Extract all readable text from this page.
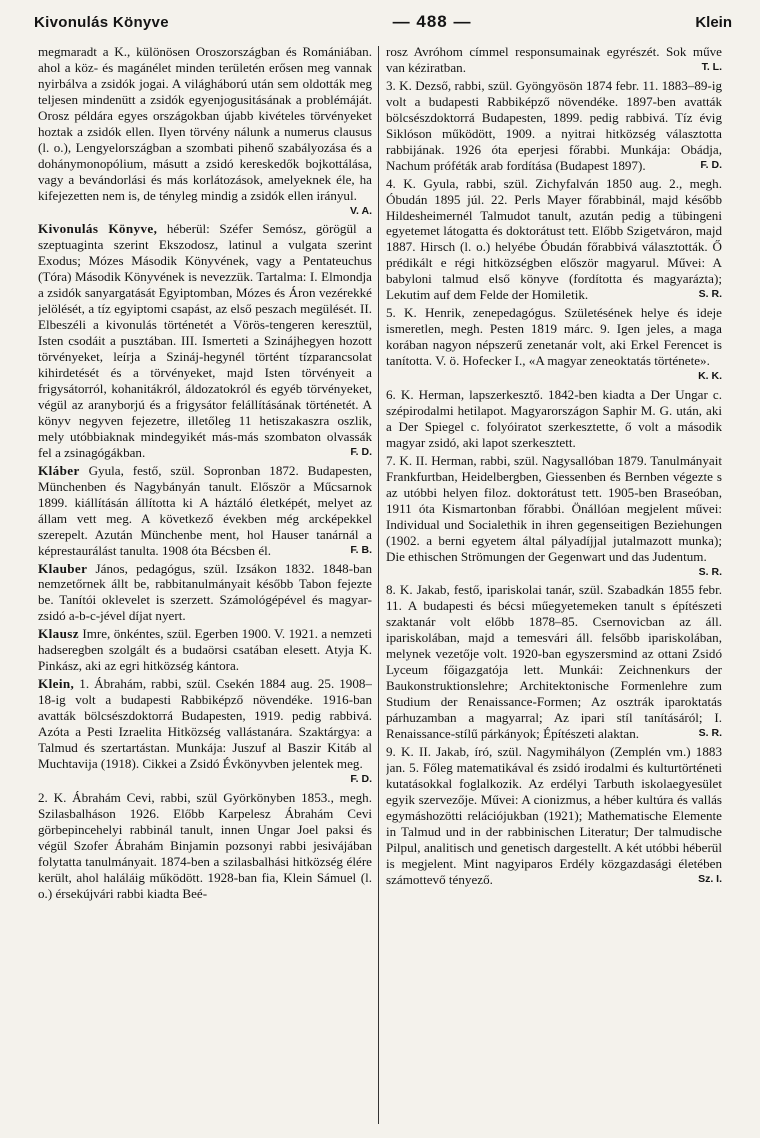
Kivonulás Könyve	— 488 —	Klein

megmaradt a K., különösen Oroszországban és Romániában. ahol a köz- és magánélet minden területén erősen meg vannak nyirbálva a zsidók jogai. A világháború után sem oldották meg teljesen mindenütt a zsidók egyenjogusitásának a problémáját. Orosz példára egyes országokban újabb kivételes törvényeket hoztak a zsidók ellen. Ilyen törvény nálunk a numerus clausus (l. o.), Lengyelországban a szombati pihenő szabályozása és a dohánymonopólium, másutt a zsidó kereskedők bojkottálása, vagy a bevándorlási és más korlátozások, amelyeknek éle, ha kifejezetten nem is, de tényleg mindig a zsidók ellen irányul.
V. A.

Kivonulás Könyve, héberül: Széfer Semósz, görögül a szeptuaginta szerint Ekszodosz, latinul a vulgata szerint Exodus; Mózes Második Könyvének, vagy a Pentateuchus (Tóra) Második Könyvének is nevezzük. Tartalma: I. Elmondja a zsidók sanyargatását Egyiptomban, Mózes és Áron vezérekké jelölését, a tíz egyiptomi csapást, az első peszach megülését. II. Elbeszéli a kivonulás történetét a Vörös-tengeren keresztül, Isten csodáit a pusztában. III. Ismerteti a Szinájhegyen hozott törvényeket, leírja a Szináj-hegynél történt tízparancsolat kihirdetését és a törvényeket, majd Isten törvényeit a frigysátorról, kohanitákról, áldozatokról és egyéb törvényeket, végül az aranyborjú és a frigysátor felállításának történetét. A könyv negyven fejezetre, illetőleg 11 hetiszakaszra oszlik, mely utóbbiaknak mindegyikét más-más szombaton olvassák fel a zsinagógákban.	F. D.

Kláber Gyula, festő, szül. Sopronban 1872. Budapesten, Münchenben és Nagybányán tanult. Először a Műcsarnok 1899. kiállításán állította ki A háztáló életképét, melyet az állam vett meg. A következő években még arcképekkel szerepelt. Azután Münchenbe ment, hol Hauser tanárnál a képrestaurálást tanulta. 1908 óta Bécsben él.	F. B.

Klauber János, pedagógus, szül. Izsákon 1832. 1848-ban nemzetőrnek állt be, rabbitanulmányait később Tabon fejezte be. Tanítói oklevelet is szerzett. Számológépével és magyar-zsidó a-b-c-jével díjat nyert.

Klausz Imre, önkéntes, szül. Egerben 1900. V. 1921. a nemzeti hadseregben szolgált és a budaörsi csatában elesett. Atyja K. Pinkász, aki az egri hitközség kántora.

Klein, 1. Ábrahám, rabbi, szül. Csekén 1884 aug. 25. 1908–18-ig volt a budapesti Rabbiképző növendéke. 1916-ban avatták bölcsészdoktorrá Budapesten, 1919. pedig rabbivá. Azóta a Pesti Izraelita Hitközség vallástanára. Szaktárgya: a Talmud és szertartástan. Munkája: Juszuf al Baszir Kitáb al Muchtavija (1918). Cikkei a Zsidó Évkönyvben jelentek meg.
F. D.

2. K. Ábrahám Cevi, rabbi, szül Györkönyben 1853., megh. Szilasbalháson 1926. Előbb Karpelesz Ábrahám Cevi görbepincehelyi rabbinál tanult, innen Ungar Joel paksi és végül Szofer Ábrahám Binjamin pozsonyi rabbi jesivájában folytatta tanulmányait. 1874-ben a szilasbalhási hitközség élére került, ahol haláláig működött. 1928-ban fia, Klein Sámuel (l. o.) érsekújvári rabbi kiadta Beé-

rosz Avróhom címmel responsumainak egyrészét. Sok műve van kéziratban.	T. L.

3. K. Dezső, rabbi, szül. Gyöngyösön 1874 febr. 11. 1883–89-ig volt a budapesti Rabbiképző növendéke. 1897-ben avatták bölcsészdoktorrá Budapesten, 1899. pedig rabbivá. Tíz évig Siklóson működött, 1909. a nyitrai hitközség választotta rabbijának. 1926 óta eperjesi főrabbi. Munkája: Obádja, Nachum próféták arab fordítása (Budapest 1897).	F. D.

4. K. Gyula, rabbi, szül. Zichyfalván 1850 aug. 2., megh. Óbudán 1895 júl. 22. Perls Mayer főrabbinál, majd később Hildesheimernél Talmudot tanult, azután pedig a tübingeni egyetemet látogatta és doktorátust tett. Előbb Szigetváron, majd 1887. Hirsch (l. o.) helyébe Óbudán főrabbivá választották. Ő prédikált e régi hitközségben először magyarul. Művei: A babyloni talmud első könyve (fordította és magyarázta); Lekutim auf dem Felde der Homiletik.	S. R.

5. K. Henrik, zenepedagógus. Születésének helye és ideje ismeretlen, megh. Pesten 1819 márc. 9. Igen jeles, a maga korában nagyon népszerű zenetanár volt, aki Erkel Ferencet is tanította. V. ö. Hofecker I., «A magyar zeneoktatás története».
K. K.

6. K. Herman, lapszerkesztő. 1842-ben kiadta a Der Ungar c. szépirodalmi hetilapot. Magyarországon Saphir M. G. után, aki a Der Spiegel c. folyóiratot szerkesztette, ő volt a második magyar zsidó, aki lapot szerkesztett.

7. K. II. Herman, rabbi, szül. Nagysallóban 1879. Tanulmányait Frankfurtban, Heidelbergben, Giessenben és Bernben végezte s az utóbbi helyen filoz. doktorátust tett. 1905-ben Braseóban, 1911 óta Kismartonban főrabbi. Önállóan megjelent művei: Individual und Socialethik in ihren gegenseitigen Beziehungen (1902. a berni egyetem által pályadíjjal jutalmazott munka); Die ethischen Strömungen der Gegenwart und das Judentum.
S. R.

8. K. Jakab, festő, ipariskolai tanár, szül. Szabadkán 1855 febr. 11. A budapesti és bécsi műegyetemeken tanult s építészeti szaktanár volt előbb 1878–85. Csernovicban az áll. ipariskolában, majd a temesvári áll. felsőbb ipariskolában, melynek vezetője volt. 1920-ban egyszersmind az ottani Zsidó Lyceum főigazgatója lett. Munkái: Zeichnenkurs der Baukonstruktionslehre; Architektonische Formenlehre zum Studium der Renaissance-Formen; Az osztrák iparoktatás párhuzamban a magyarral; Az ipari stíl tanításáról; I. Renaissance-stílű párkányok; Építészeti alaktan.	S. R.

9. K. II. Jakab, író, szül. Nagymihályon (Zemplén vm.) 1883 jan. 5. Főleg matematikával és zsidó irodalmi és kulturtörténeti kutatásokkal foglalkozik. Az erdélyi Tarbuth iskolaegyesület egyik szervezője. Művei: A cionizmus, a héber kultúra és vallás egymáshozötti relációjukban (1921); Mathematische Elemente in Talmud und in der rabbinischen Literatur; Der talmudische Pilpul, analitisch und genetisch dargestellt. A két utóbbi héberül is megjelent. Mint nagyiparos Erdély közgazdasági életében számottevő tényező.	Sz. I.
